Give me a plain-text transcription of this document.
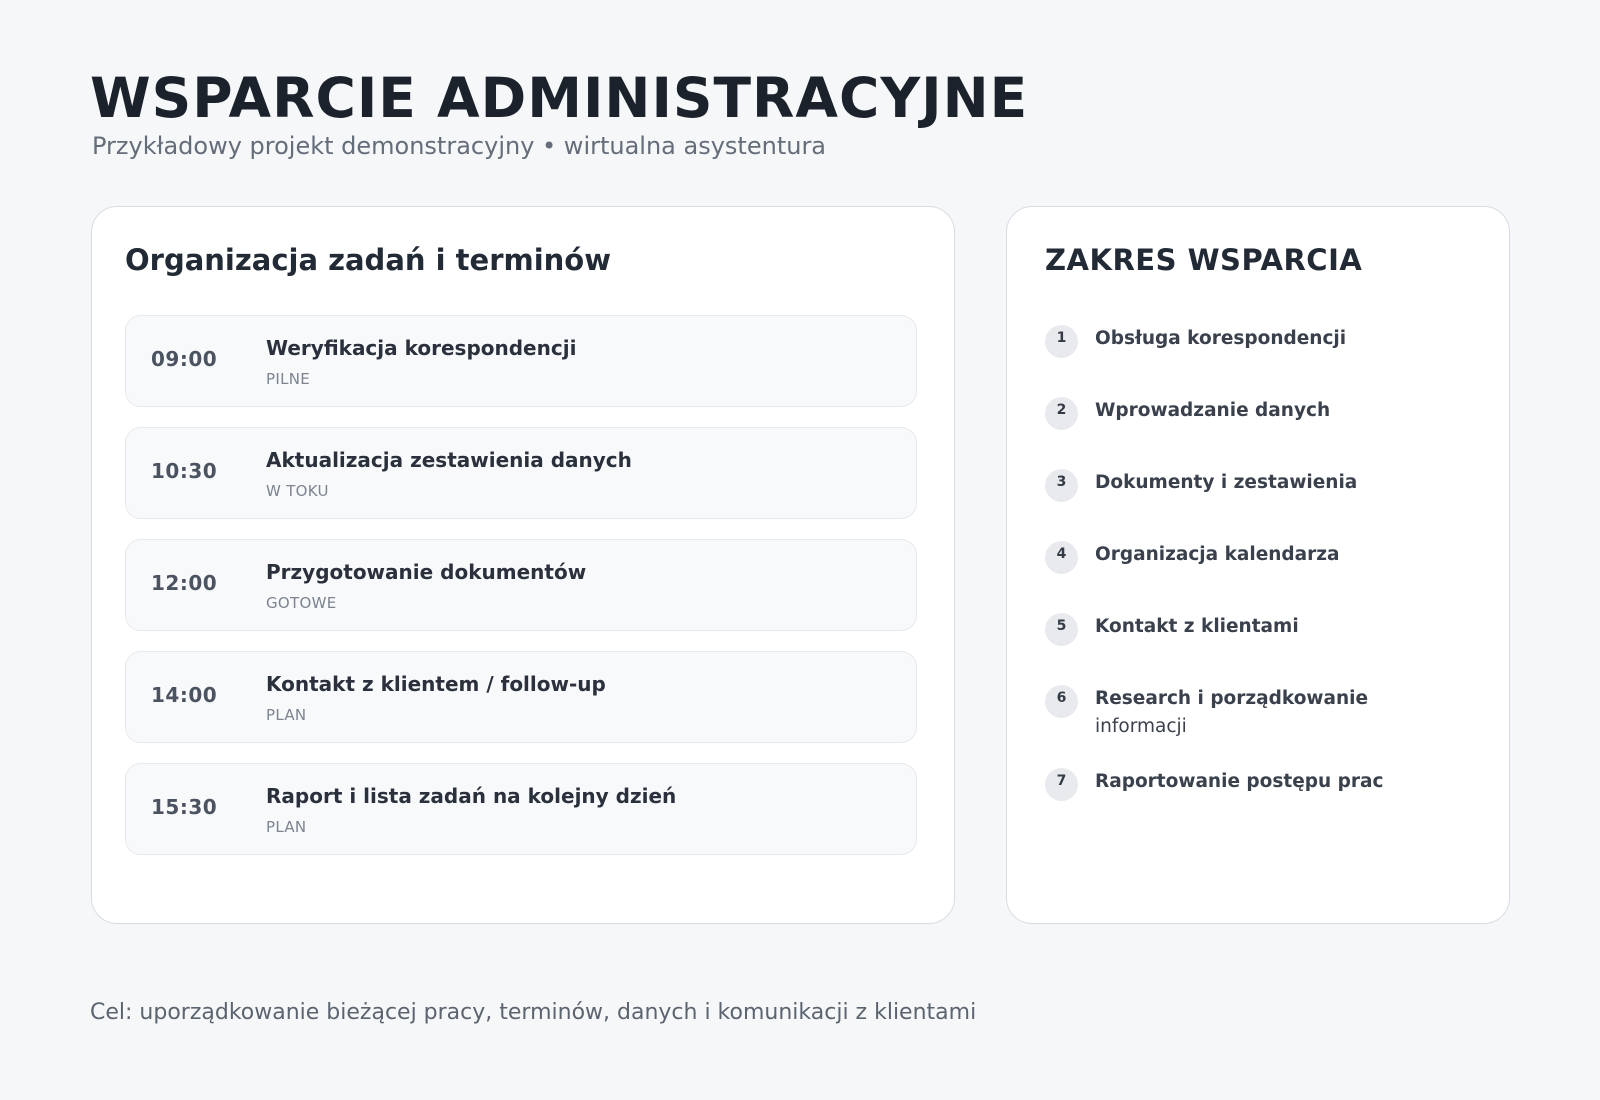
WSPARCIE ADMINISTRACYJNE

Przykładowy projekt demonstracyjny • wirtualna asystentura

Organizacja zadań i terminów
09:00 Weryfikacja korespondencji
PILNE
10:30 Aktualizacja zestawienia danych
W TOKU
12:00 Przygotowanie dokumentów
GOTOWE
14:00 Kontakt z klientem / follow-up
PLAN
15:30 Raport i lista zadań na kolejny dzień
PLAN
ZAKRES WSPARCIA
1	Obsługa korespondencji
2	Wprowadzanie danych
3	Dokumenty i zestawienia
4	Organizacja kalendarza
5	Kontakt z klientami
6	Research i porządkowanie
informacji
7	Raportowanie postępu prac

Cel: uporządkowanie bieżącej pracy, terminów, danych i komunikacji z klientami
